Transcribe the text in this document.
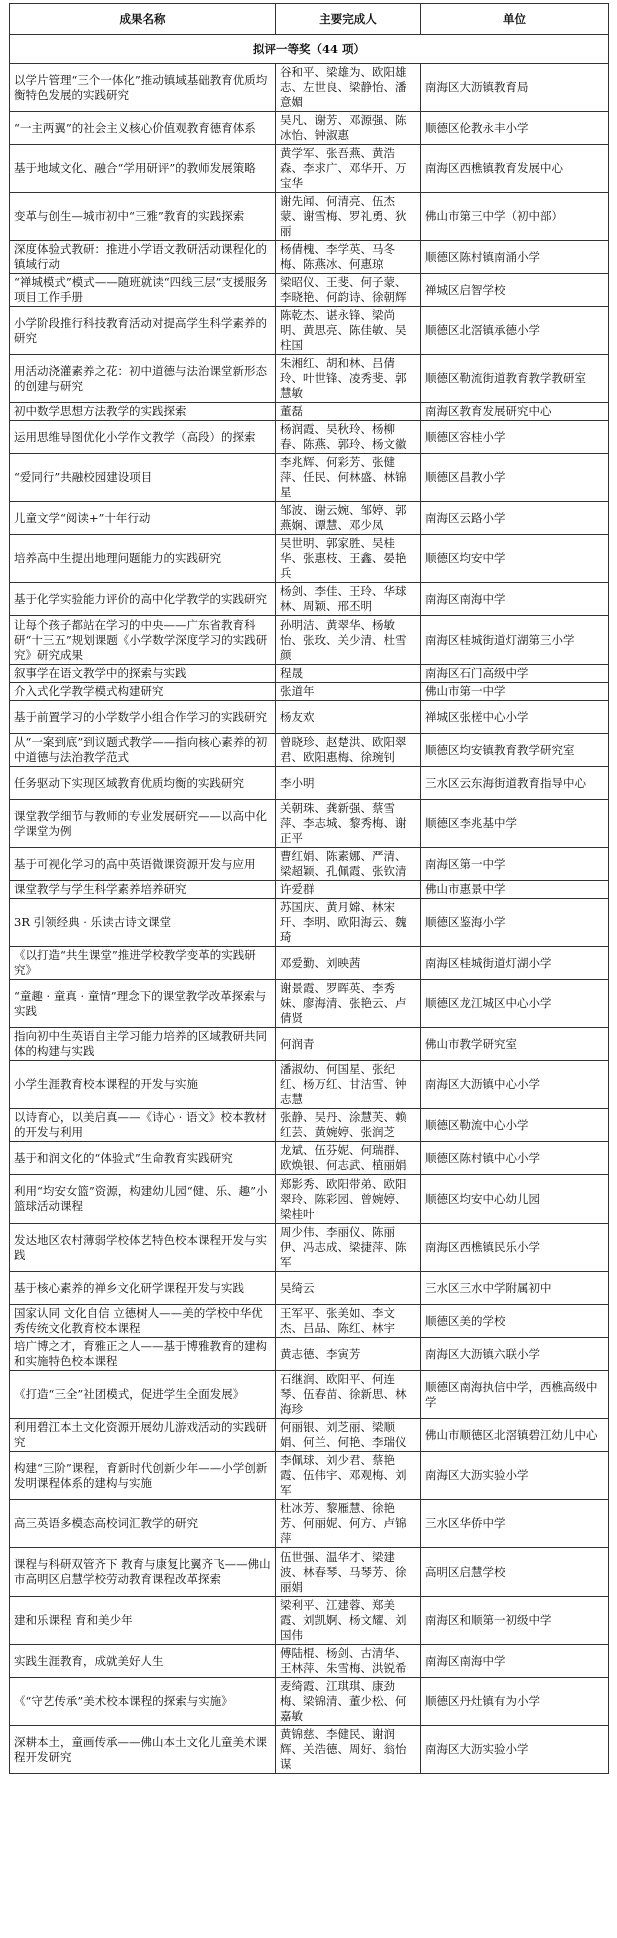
成果名称	主要完成人	单位
拟评一等奖（44 项）		
以学片管理“三个一体化”推动镇域基础教育优质均衡特色发展的实践研究	谷和平、梁雄为、欧阳雄志、左世良、梁静怡、潘意媚	南海区大沥镇教育局
“一主两翼”的社会主义核心价值观教育德育体系	吴凡、谢芳、邓源强、陈冰怡、钟淑惠	顺德区伦教永丰小学
基于地域文化、融合“学用研评”的教师发展策略	黄学军、张吾燕、黄浩森、李求广、邓华开、万宝华	南海区西樵镇教育发展中心
变革与创生—城市初中“三雅”教育的实践探索	谢先闻、何清亮、伍杰蒙、谢雪梅、罗礼勇、狄丽	佛山市第三中学（初中部）
深度体验式教研：推进小学语文教研活动课程化的镇域行动	杨倩槐、李学英、马冬梅、陈燕冰、何惠琼	顺德区陈村镇南涌小学
“禅城模式”模式——随班就读“四线三层”支援服务项目工作手册	梁昭仪、王斐、何子蒙、李晓艳、何韵诗、徐朝辉	禅城区启智学校
小学阶段推行科技教育活动对提高学生科学素养的研究	陈乾杰、谌永锋、梁尚明、黄思亮、陈佳敏、吴柱国	顺德区北滘镇承德小学
用活动浇灌素养之花：初中道德与法治课堂新形态的创建与研究	朱湘红、胡和林、吕倩玲、叶世锋、凌秀斐、郭慧敏	顺德区勒流街道教育教学教研室
初中数学思想方法教学的实践探索	董磊	南海区教育发展研究中心
运用思维导图优化小学作文教学（高段）的探索	杨润霞、吴秋玲、杨柳春、陈燕、郭玲、杨文徽	顺德区容桂小学
“爱同行”共融校园建设项目	李兆辉、何彩芳、张健萍、任民、何林盛、林锦星	顺德区昌教小学
儿童文学“阅读+”十年行动	邹波、谢云婉、邹婷、郭燕娴、谭慧、邓少凤	南海区云路小学
培养高中生提出地理问题能力的实践研究	吴世明、郭家胜、吴桂华、张惠枝、王鑫、晏艳兵	顺德区均安中学
基于化学实验能力评价的高中化学教学的实践研究	杨剑、李佳、王玲、华球林、周颖、邢丕明	南海区南海中学
让每个孩子都站在学习的中央——广东省教育科研“十三五”规划课题《小学数学深度学习的实践研究》研究成果	孙明洁、黄翠华、杨敏怡、张玫、关少清、杜雪颜	南海区桂城街道灯湖第三小学
叙事学在语文教学中的探索与实践	程晟	南海区石门高级中学
介入式化学教学模式构建研究	张道年	佛山市第一中学
基于前置学习的小学数学小组合作学习的实践研究	杨友欢	禅城区张槎中心小学
从“一案到底”到议题式教学——指向核心素养的初中道德与法治教学范式	曾晓珍、赵楚洪、欧阳翠君、欧阳惠梅、徐琬钊	顺德区均安镇教育教学研究室
任务驱动下实现区域教育优质均衡的实践研究	李小明	三水区云东海街道教育指导中心
课堂教学细节与教师的专业发展研究——以高中化学课堂为例	关朝珠、龚新强、蔡雪萍、李志城、黎秀梅、谢正平	顺德区李兆基中学
基于可视化学习的高中英语微课资源开发与应用	曹红娟、陈素娜、严清、梁超颖、孔佩霞、张钦清	南海区第一中学
课堂教学与学生科学素养培养研究	许爱群	佛山市惠景中学
3R 引领经典 · 乐读古诗文课堂	苏国庆、黄月嫦、林宋玕、李明、欧阳海云、魏琦	顺德区鉴海小学
《以打造“共生课堂”推进学校教学变革的实践研究》	邓爱勤、刘映茜	南海区桂城街道灯湖小学
“童趣 · 童真 · 童情”理念下的课堂教学改革探索与实践	谢景霞、罗晖英、李秀妹、廖海清、张艳云、卢倩贤	顺德区龙江城区中心小学
指向初中生英语自主学习能力培养的区域教研共同体的构建与实践	何润青	佛山市教学研究室
小学生涯教育校本课程的开发与实施	潘淑幼、何国星、张纪红、杨万红、甘洁雪、钟志慧	南海区大沥镇中心小学
以诗育心，以美启真——《诗心 · 语文》校本教材的开发与利用	张静、吴丹、涂慧芙、赖红芸、黄婉婷、张润芝	顺德区勒流中心小学
基于和润文化的“体验式”生命教育实践研究	龙斌、伍芬妮、何瑞群、欧焕银、何志武、植丽娟	顺德区陈村镇中心小学
利用“均安女篮”资源，构建幼儿园“健、乐、趣”小篮球活动课程	郑影秀、欧阳带弟、欧阳翠玲、陈彩园、曾婉婷、梁桂叶	顺德区均安中心幼儿园
发达地区农村薄弱学校体艺特色校本课程开发与实践	周少伟、李丽仪、陈丽伊、冯志成、梁捷萍、陈军	南海区西樵镇民乐小学
基于核心素养的禅乡文化研学课程开发与实践	吴绮云	三水区三水中学附属初中
国家认同 文化自信 立德树人——美的学校中华优秀传统文化教育校本课程	王军平、张美如、李文杰、吕品、陈红、林宇	顺德区美的学校
培广博之才，育雅正之人——基于博雅教育的建构和实施特色校本课程	黄志德、李寅芳	南海区大沥镇六联小学
《打造“三全”社团模式，促进学生全面发展》	石继润、欧阳平、何连琴、伍春苗、徐新思、林海珍	顺德区南海执信中学，西樵高级中学
利用碧江本土文化资源开展幼儿游戏活动的实践研究	何丽银、刘芝丽、梁顺娟、何兰、何艳、李瑞仪	佛山市顺德区北滘镇碧江幼儿中心
构建“三阶”课程，育新时代创新少年——小学创新发明课程体系的建构与实施	李佩球、刘少君、蔡艳霞、伍伟宇、邓观梅、刘军	南海区大沥实验小学
高三英语多模态高校词汇教学的研究	杜冰芳、黎雁慧、徐艳芳、何丽妮、何方、卢锦萍	三水区华侨中学
课程与科研双管齐下 教育与康复比翼齐飞——佛山市高明区启慧学校劳动教育课程改革探索	伍世强、温华才、梁建波、林春琴、马琴芳、徐丽娟	高明区启慧学校
建和乐课程 育和美少年	梁利平、江建蓉、郑美霞、刘凯婀、杨文耀、刘国伟	南海区和顺第一初级中学
实践生涯教育，成就美好人生	傅陆棍、杨剑、古清华、王林萍、朱雪梅、洪锐希	南海区南海中学
《“守艺传承”美术校本课程的探索与实施》	麦绮霞、江琪琪、康劲梅、梁锦清、董少松、何嘉敏	顺德区丹灶镇有为小学
深耕本土，童画传承——佛山本土文化儿童美术课程开发研究	黄锦慈、李健民、谢润辉、关浩德、周好、翁怡谋	南海区大沥实验小学
